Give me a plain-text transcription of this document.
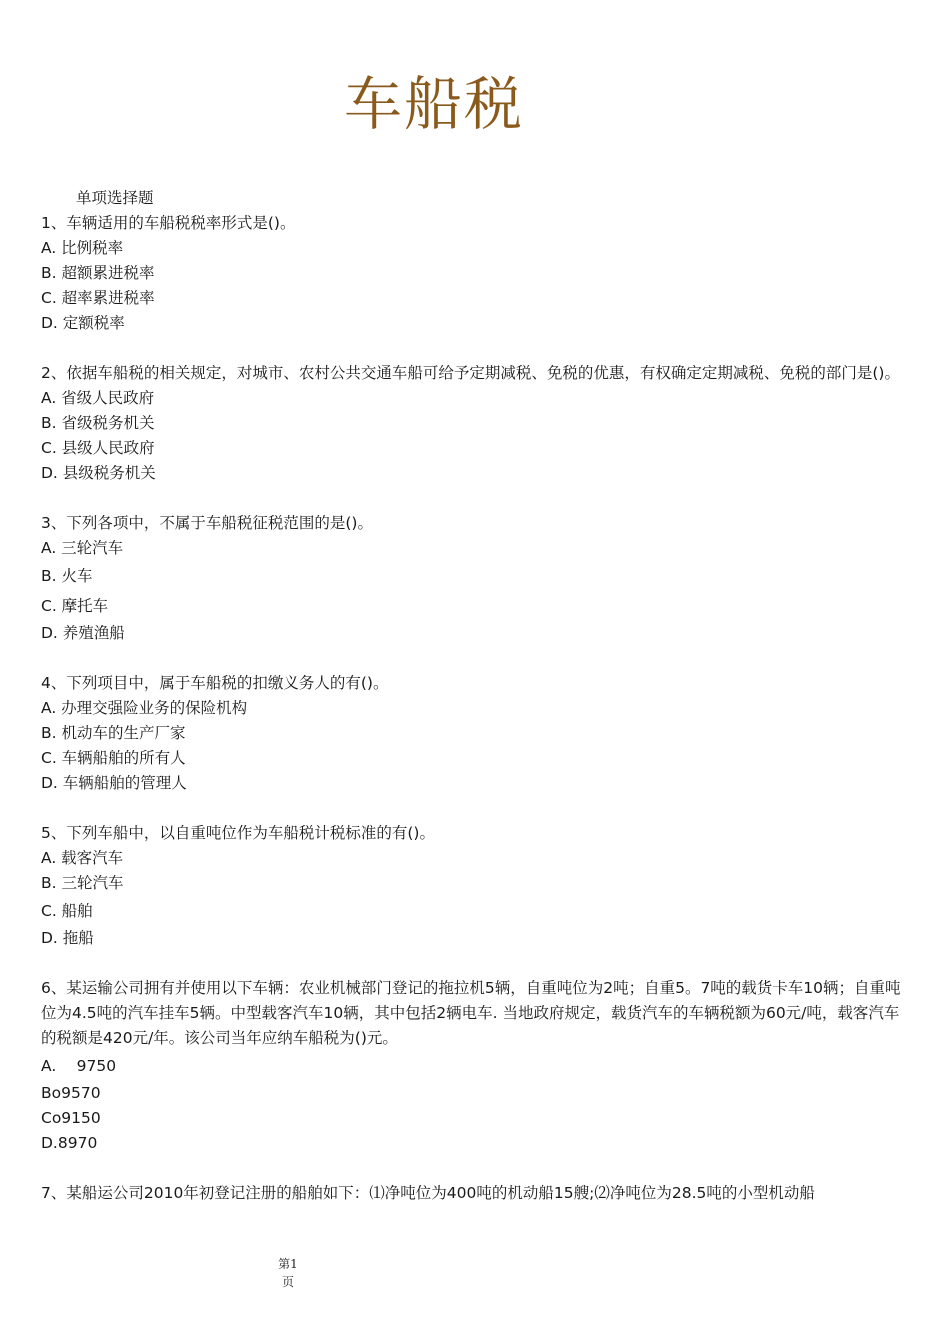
车船税
单项选择题
1、车辆适用的车船税税率形式是()。
A. 比例税率
B. 超额累进税率
C. 超率累进税率
D. 定额税率
2、依据车船税的相关规定，对城市、农村公共交通车船可给予定期减税、免税的优惠，有权确定定期减税、免税的部门是()。
A. 省级人民政府
B. 省级税务机关
C. 县级人民政府
D. 县级税务机关
3、下列各项中，不属于车船税征税范围的是()。
A. 三轮汽车
B. 火车
C. 摩托车
D. 养殖渔船
4、下列项目中，属于车船税的扣缴义务人的有()。
A. 办理交强险业务的保险机构
B. 机动车的生产厂家
C. 车辆船舶的所有人
D. 车辆船舶的管理人
5、下列车船中，以自重吨位作为车船税计税标准的有()。
A. 载客汽车
B. 三轮汽车
C. 船舶
D. 拖船
6、某运输公司拥有并使用以下车辆：农业机械部门登记的拖拉机5辆，自重吨位为2吨；自重5。7吨的载货卡车10辆；自重吨位为4.5吨的汽车挂车5辆。中型载客汽车10辆，其中包括2辆电车. 当地政府规定，载货汽车的车辆税额为60元/吨，载客汽车的税额是420元/年。该公司当年应纳车船税为()元。
A.　 9750
Bo9570
Co9150
D.8970
7、某船运公司2010年初登记注册的船舶如下：⑴净吨位为400吨的机动船15艘;⑵净吨位为28.5吨的小型机动船
第1
页
